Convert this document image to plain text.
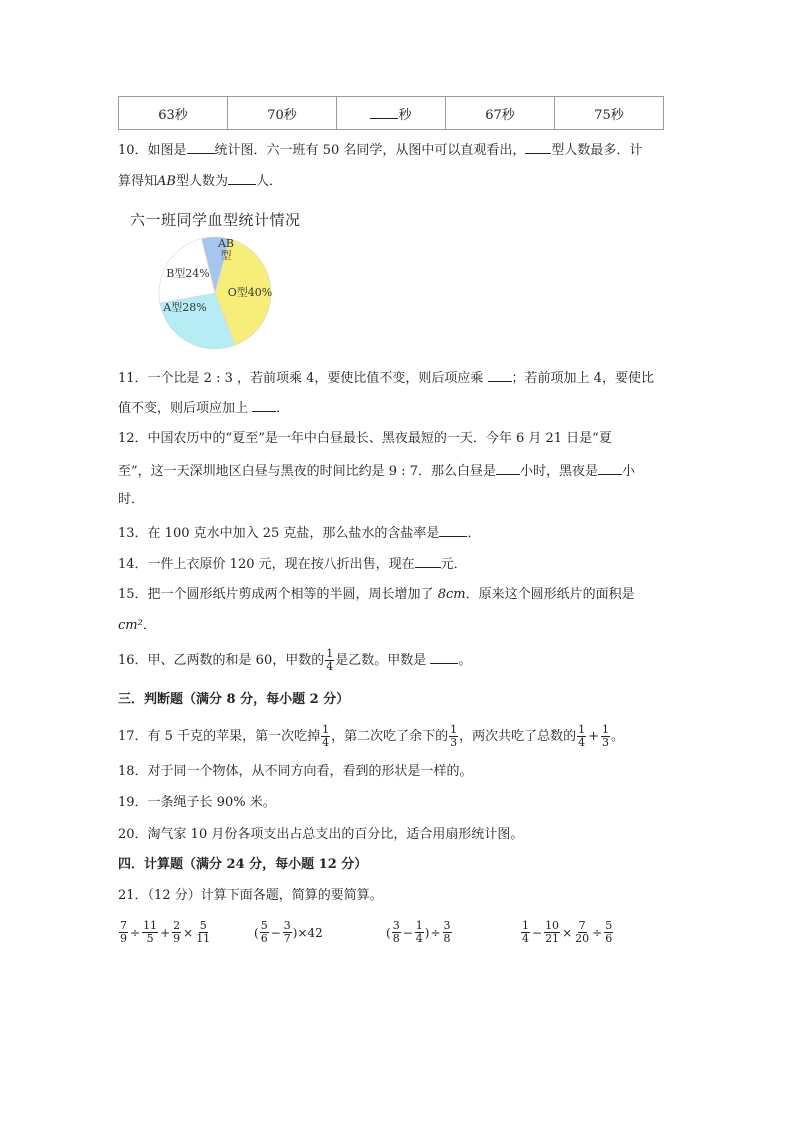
63秒	70秒	秒	67秒	75秒
10．如图是 统计图．六一班有 50 名同学，从图中可以直观看出， 型人数最多．计
算得知AB型人数为 人．
六一班同学血型统计情况
O型40%
A型28%
B型24%
AB
型
11．一个比是 2 : 3 ，若前项乘 4，要使比值不变，则后项应乘 ；若前项加上 4，要使比
值不变，则后项应加上 ．
12．中国农历中的“夏至”是一年中白昼最长、黑夜最短的一天．今年 6 月 21 日是“夏
至”，这一天深圳地区白昼与黑夜的时间比约是 9 : 7．那么白昼是 小时，黑夜是 小
时．
13．在 100 克水中加入 25 克盐，那么盐水的含盐率是 ．
14．一件上衣原价 120 元，现在按八折出售，现在 元．
15．把一个圆形纸片剪成两个相等的半圆，周长增加了 8cm．原来这个圆形纸片的面积是
cm²．
16．甲、乙两数的和是 60，甲数的 $\frac{1}{4}$ 是乙数。甲数是 。
三．判断题（满分 8 分，每小题 2 分）
17．有 5 千克的苹果，第一次吃掉 $\frac{1}{4}$ ，第二次吃了余下的 $\frac{1}{3}$ ，两次共吃了总数的 $\frac{1}{4} + \frac{1}{3}$ 。
18．对于同一个物体，从不同方向看，看到的形状是一样的。
19．一条绳子长 90% 米。
20．淘气家 10 月份各项支出占总支出的百分比，适合用扇形统计图。
四．计算题（满分 24 分，每小题 12 分）
21．（12 分）计算下面各题，简算的要简算。
$\frac{7}{9} \div \frac{11}{5} + \frac{2}{9} \times \frac{5}{11}$	( $\frac{5}{6} - \frac{3}{7}$ ) ×42	( $\frac{3}{8} - \frac{1}{4}$ ) ÷ $\frac{3}{8}$	$\frac{1}{4} - \frac{10}{21} \times \frac{7}{20} \div \frac{5}{6}$
